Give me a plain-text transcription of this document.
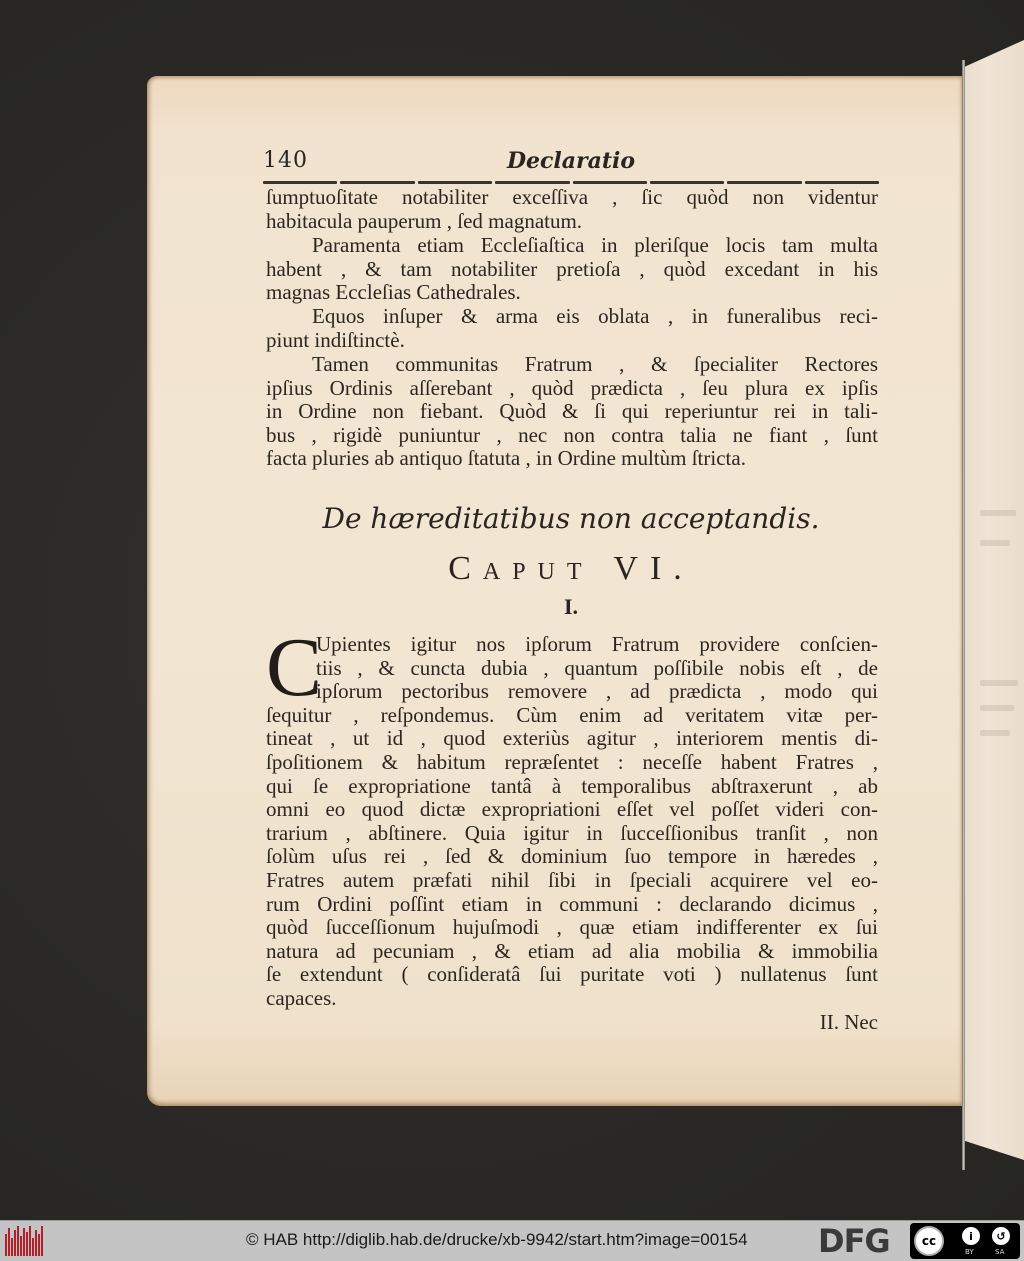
140	Declaratio
ſumptuoſitate notabiliter exceſſiva , ſic quòd non videntur
habitacula pauperum , ſed magnatum.
Paramenta etiam Eccleſiaſtica in pleriſque locis tam multa
habent , & tam notabiliter pretioſa , quòd excedant in his
magnas Eccleſias Cathedrales.
Equos inſuper & arma eis oblata , in funeralibus reci-
piunt indiſtinctè.
Tamen communitas Fratrum , & ſpecialiter Rectores
ipſius Ordinis aſſerebant , quòd prædicta , ſeu plura ex ipſis
in Ordine non fiebant. Quòd & ſi qui reperiuntur rei in tali-
bus , rigidè puniuntur , nec non contra talia ne fiant , ſunt
facta pluries ab antiquo ſtatuta , in Ordine multùm ſtricta.
De hæreditatibus non acceptandis.
Caput VI.
I.
C
Upientes igitur nos ipſorum Fratrum providere conſcien-
tiis , & cuncta dubia , quantum poſſibile nobis eſt , de
ipſorum pectoribus removere , ad prædicta , modo qui
ſequitur , reſpondemus. Cùm enim ad veritatem vitæ per-
tineat , ut id , quod exteriùs agitur , interiorem mentis di-
ſpoſitionem & habitum repræſentet : neceſſe habent Fratres ,
qui ſe expropriatione tantâ à temporalibus abſtraxerunt , ab
omni eo quod dictæ expropriationi eſſet vel poſſet videri con-
trarium , abſtinere. Quia igitur in ſucceſſionibus tranſit , non
ſolùm uſus rei , ſed & dominium ſuo tempore in hæredes ,
Fratres autem præfati nihil ſibi in ſpeciali acquirere vel eo-
rum Ordini poſſint etiam in communi : declarando dicimus ,
quòd ſucceſſionum hujuſmodi , quæ etiam indifferenter ex ſui
natura ad pecuniam , & etiam ad alia mobilia & immobilia
ſe extendunt ( conſideratâ ſui puritate voti ) nullatenus ſunt
capaces.
II. Nec
© HAB http://diglib.hab.de/drucke/xb-9942/start.htm?image=00154 DFG	cc	i	↺
BY	SA
